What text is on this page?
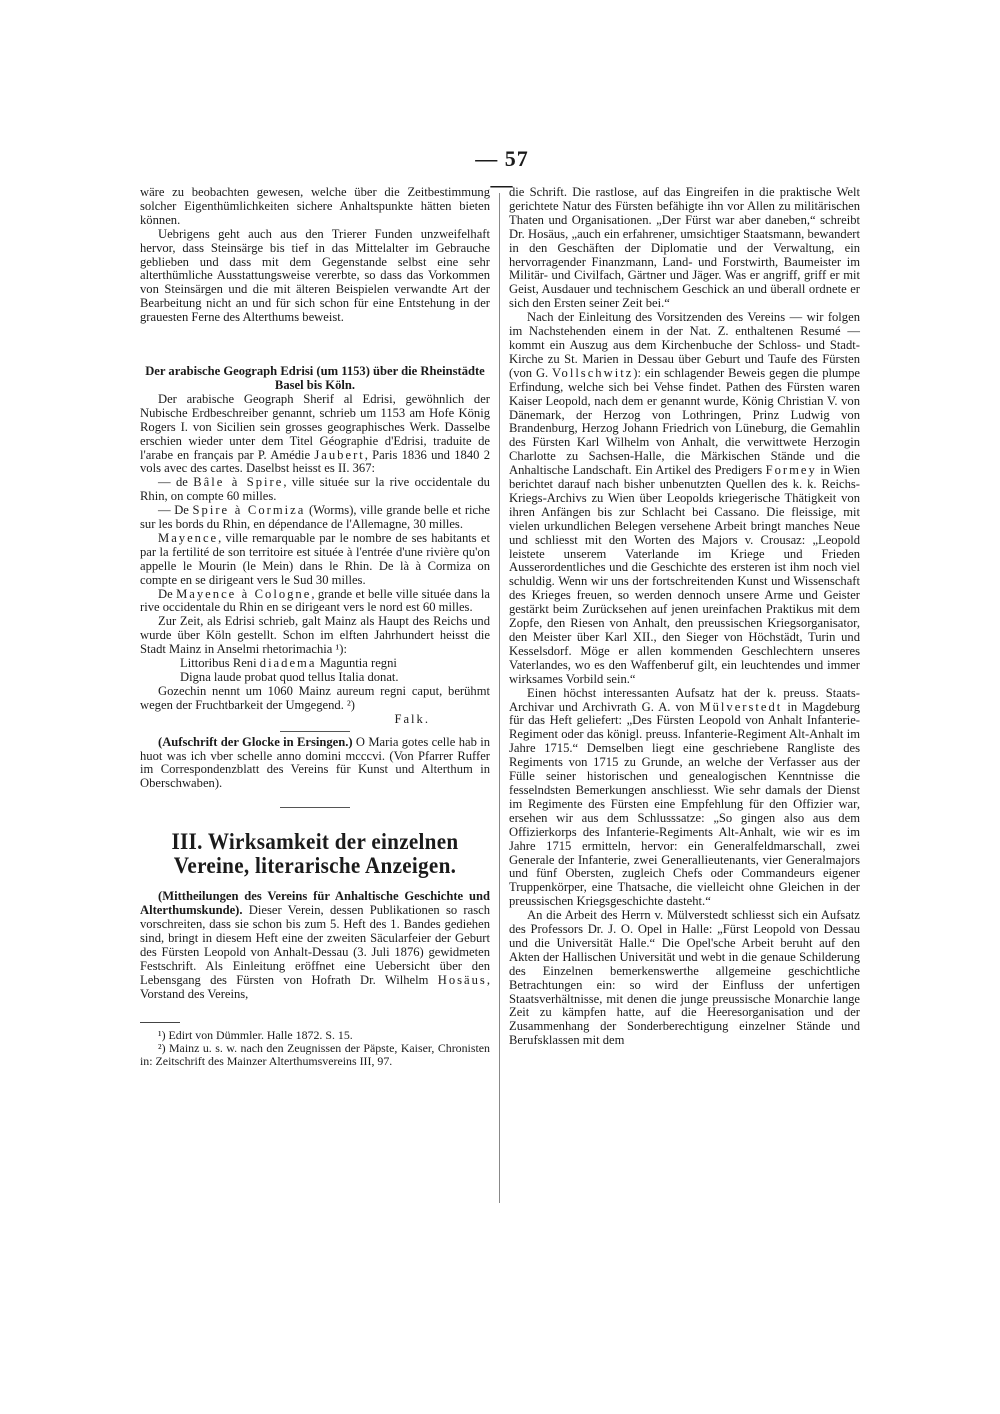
— 57 —

wäre zu beobachten gewesen, welche über die Zeitbestimmung solcher Eigenthümlichkeiten sichere Anhaltspunkte hätten bieten können.

Uebrigens geht auch aus den Trierer Funden unzweifelhaft hervor, dass Steinsärge bis tief in das Mittelalter im Gebrauche geblieben und dass mit dem Gegenstande selbst eine sehr alterthümliche Ausstattungsweise vererbte, so dass das Vorkommen von Steinsärgen und die mit älteren Beispielen verwandte Art der Bearbeitung nicht an und für sich schon für eine Entstehung in der grauesten Ferne des Alterthums beweist.

Der arabische Geograph Edrisi (um 1153) über die Rheinstädte Basel bis Köln.

Der arabische Geograph Sherif al Edrisi, gewöhnlich der Nubische Erdbeschreiber genannt, schrieb um 1153 am Hofe König Rogers I. von Sicilien sein grosses geographisches Werk. Dasselbe erschien wieder unter dem Titel Géographie d'Edrisi, traduite de l'arabe en français par P. Amédie Jaubert, Paris 1836 und 1840 2 vols avec des cartes. Daselbst heisst es II. 367:

— de Bâle à Spire, ville située sur la rive occidentale du Rhin, on compte 60 milles.

— De Spire à Cormiza (Worms), ville grande belle et riche sur les bords du Rhin, en dépendance de l'Allemagne, 30 milles.

Mayence, ville remarquable par le nombre de ses habitants et par la fertilité de son territoire est située à l'entrée d'une rivière qu'on appelle le Mourin (le Mein) dans le Rhin. De là à Cormiza on compte en se dirigeant vers le Sud 30 milles.

De Mayence à Cologne, grande et belle ville située dans la rive occidentale du Rhin en se dirigeant vers le nord est 60 milles.

Zur Zeit, als Edrisi schrieb, galt Mainz als Haupt des Reichs und wurde über Köln gestellt. Schon im elften Jahrhundert heisst die Stadt Mainz in Anselmi rhetorimachia ¹):

Littoribus Reni diadema Maguntia regni

Digna laude probat quod tellus Italia donat.

Gozechin nennt um 1060 Mainz aureum regni caput, berühmt wegen der Fruchtbarkeit der Umgegend. ²)

Falk.

(Aufschrift der Glocke in Ersingen.) O Maria gotes celle hab in huot was ich vber schelle anno domini mcccvi. (Von Pfarrer Ruffer im Correspondenzblatt des Vereins für Kunst und Alterthum in Oberschwaben).

III. Wirksamkeit der einzelnen Vereine, literarische Anzeigen.

(Mittheilungen des Vereins für Anhaltische Geschichte und Alterthumskunde). Dieser Verein, dessen Publikationen so rasch vorschreiten, dass sie schon bis zum 5. Heft des 1. Bandes gediehen sind, bringt in diesem Heft eine der zweiten Säcularfeier der Geburt des Fürsten Leopold von Anhalt-Dessau (3. Juli 1876) gewidmeten Festschrift. Als Einleitung eröffnet eine Uebersicht über den Lebensgang des Fürsten von Hofrath Dr. Wilhelm Hosäus, Vorstand des Vereins,

¹) Edirt von Dümmler. Halle 1872. S. 15.

²) Mainz u. s. w. nach den Zeugnissen der Päpste, Kaiser, Chronisten in: Zeitschrift des Mainzer Alterthumsvereins III, 97.

die Schrift. Die rastlose, auf das Eingreifen in die praktische Welt gerichtete Natur des Fürsten befähigte ihn vor Allen zu militärischen Thaten und Organisationen. „Der Fürst war aber daneben,“ schreibt Dr. Hosäus, „auch ein erfahrener, umsichtiger Staatsmann, bewandert in den Geschäften der Diplomatie und der Verwaltung, ein hervorragender Finanzmann, Land- und Forstwirth, Baumeister im Militär- und Civilfach, Gärtner und Jäger. Was er angriff, griff er mit Geist, Ausdauer und technischem Geschick an und überall ordnete er sich den Ersten seiner Zeit bei.“

Nach der Einleitung des Vorsitzenden des Vereins — wir folgen im Nachstehenden einem in der Nat. Z. enthaltenen Resumé — kommt ein Auszug aus dem Kirchenbuche der Schloss- und Stadt-Kirche zu St. Marien in Dessau über Geburt und Taufe des Fürsten (von G. Vollschwitz): ein schlagender Beweis gegen die plumpe Erfindung, welche sich bei Vehse findet. Pathen des Fürsten waren Kaiser Leopold, nach dem er genannt wurde, König Christian V. von Dänemark, der Herzog von Lothringen, Prinz Ludwig von Brandenburg, Herzog Johann Friedrich von Lüneburg, die Gemahlin des Fürsten Karl Wilhelm von Anhalt, die verwittwete Herzogin Charlotte zu Sachsen-Halle, die Märkischen Stände und die Anhaltische Landschaft. Ein Artikel des Predigers Formey in Wien berichtet darauf nach bisher unbenutzten Quellen des k. k. Reichs-Kriegs-Archivs zu Wien über Leopolds kriegerische Thätigkeit von ihren Anfängen bis zur Schlacht bei Cassano. Die fleissige, mit vielen urkundlichen Belegen versehene Arbeit bringt manches Neue und schliesst mit den Worten des Majors v. Crousaz: „Leopold leistete unserem Vaterlande im Kriege und Frieden Ausserordentliches und die Geschichte des ersteren ist ihm noch viel schuldig. Wenn wir uns der fortschreitenden Kunst und Wissenschaft des Krieges freuen, so werden dennoch unsere Arme und Geister gestärkt beim Zurücksehen auf jenen ureinfachen Praktikus mit dem Zopfe, den Riesen von Anhalt, den preussischen Kriegsorganisator, den Meister über Karl XII., den Sieger von Höchstädt, Turin und Kesselsdorf. Möge er allen kommenden Geschlechtern unseres Vaterlandes, wo es den Waffenberuf gilt, ein leuchtendes und immer wirksames Vorbild sein.“

Einen höchst interessanten Aufsatz hat der k. preuss. Staats-Archivar und Archivrath G. A. von Mülverstedt in Magdeburg für das Heft geliefert: „Des Fürsten Leopold von Anhalt Infanterie-Regiment oder das königl. preuss. Infanterie-Regiment Alt-Anhalt im Jahre 1715.“ Demselben liegt eine geschriebene Rangliste des Regiments von 1715 zu Grunde, an welche der Verfasser aus der Fülle seiner historischen und genealogischen Kenntnisse die fesselndsten Bemerkungen anschliesst. Wie sehr damals der Dienst im Regimente des Fürsten eine Empfehlung für den Offizier war, ersehen wir aus dem Schlusssatze: „So gingen also aus dem Offizierkorps des Infanterie-Regiments Alt-Anhalt, wie wir es im Jahre 1715 ermitteln, hervor: ein Generalfeldmarschall, zwei Generale der Infanterie, zwei Generallieutenants, vier Generalmajors und fünf Obersten, zugleich Chefs oder Commandeurs eigener Truppenkörper, eine Thatsache, die vielleicht ohne Gleichen in der preussischen Kriegsgeschichte dasteht.“

An die Arbeit des Herrn v. Mülverstedt schliesst sich ein Aufsatz des Professors Dr. J. O. Opel in Halle: „Fürst Leopold von Dessau und die Universität Halle.“ Die Opel'sche Arbeit beruht auf den Akten der Hallischen Universität und webt in die genaue Schilderung des Einzelnen bemerkenswerthe allgemeine geschichtliche Betrachtungen ein: so wird der Einfluss der unfertigen Staatsverhältnisse, mit denen die junge preussische Monarchie lange Zeit zu kämpfen hatte, auf die Heeresorganisation und der Zusammenhang der Sonderberechtigung einzelner Stände und Berufsklassen mit dem
